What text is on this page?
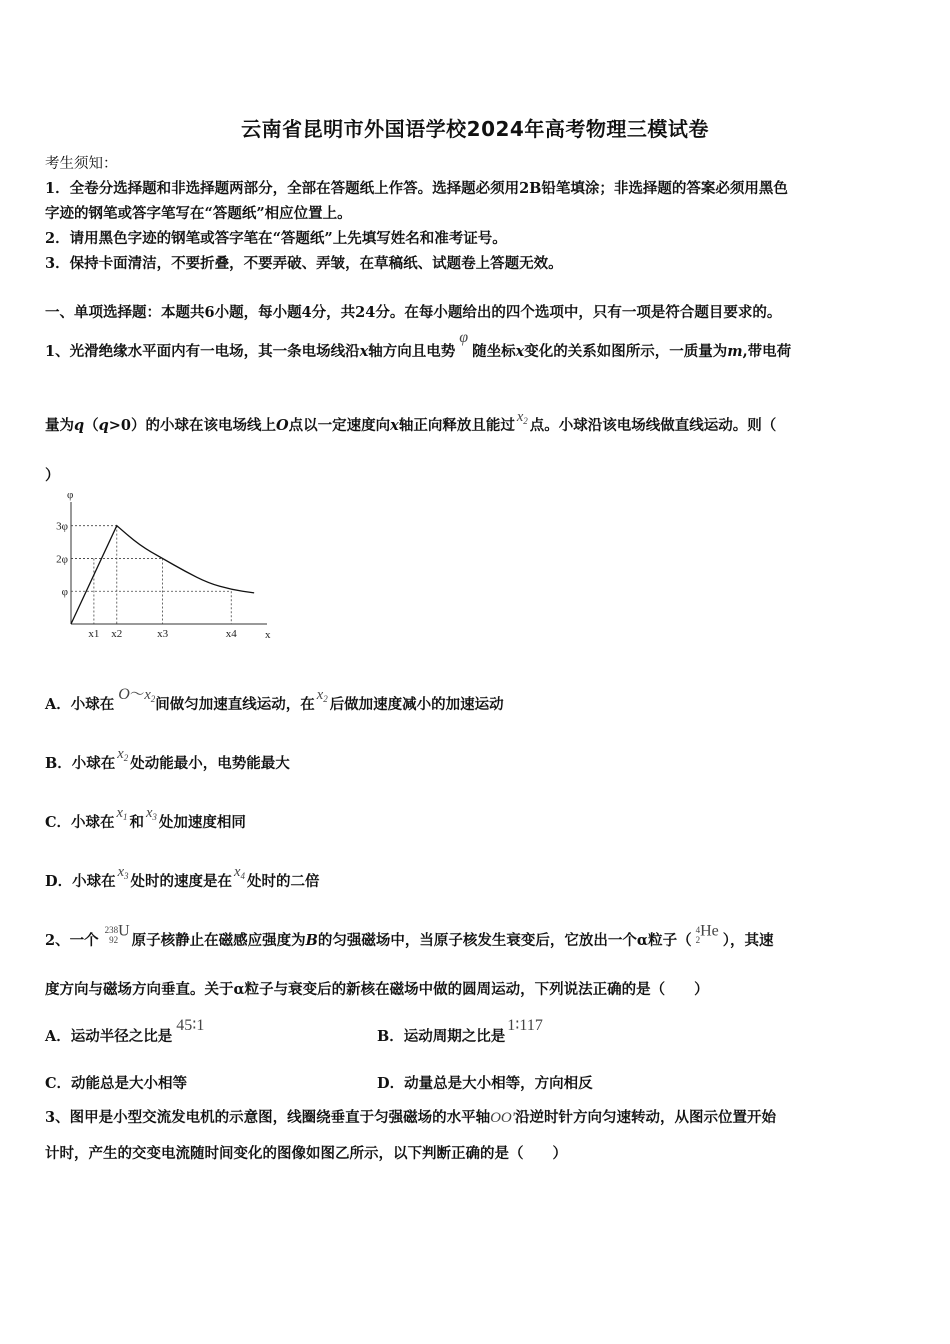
云南省昆明市外国语学校2024年高考物理三模试卷
考生须知：
1．全卷分选择题和非选择题两部分，全部在答题纸上作答。选择题必须用2B铅笔填涂；非选择题的答案必须用黑色
字迹的钢笔或答字笔写在“答题纸”相应位置上。
2．请用黑色字迹的钢笔或答字笔在“答题纸”上先填写姓名和准考证号。
3．保持卡面清洁，不要折叠，不要弄破、弄皱，在草稿纸、试题卷上答题无效。
一、单项选择题：本题共6小题，每小题4分，共24分。在每小题给出的四个选项中，只有一项是符合题目要求的。
1、光滑绝缘水平面内有一电场，其一条电场线沿x轴方向且电势φ随坐标x变化的关系如图所示，一质量为m,带电荷
量为q（q>0）的小球在该电场线上O点以一定速度向x轴正向释放且能过 $x_2$ 点。小球沿该电场线做直线运动。则（
）
φ
x
3φ
2φ
φ
x1 x2	x3	x4
A．小球在$O\sim x_2$间做匀加速直线运动，在$x_2$ 后做加速度减小的加速运动
B．小球在$x_2$ 处动能最小，电势能最大
C．小球在$x_1$ 和$x_3$ 处加速度相同
D．小球在$x_3$ 处时的速度是在$x_4$ 处时的二倍
2、一个
238
92
U原子核静止在磁感应强度为B的匀强磁场中，当原子核发生衰变后，它放出一个α粒子（
4
2
He），其速
度方向与磁场方向垂直。关于α粒子与衰变后的新核在磁场中做的圆周运动，下列说法正确的是（　　）
A．运动半径之比是45∶1
B．运动周期之比是1∶117
C．动能总是大小相等	D．动量总是大小相等，方向相反
3、图甲是小型交流发电机的示意图，线圈绕垂直于匀强磁场的水平轴OO'沿逆时针方向匀速转动，从图示位置开始
计时，产生的交变电流随时间变化的图像如图乙所示，以下判断正确的是（　　）
